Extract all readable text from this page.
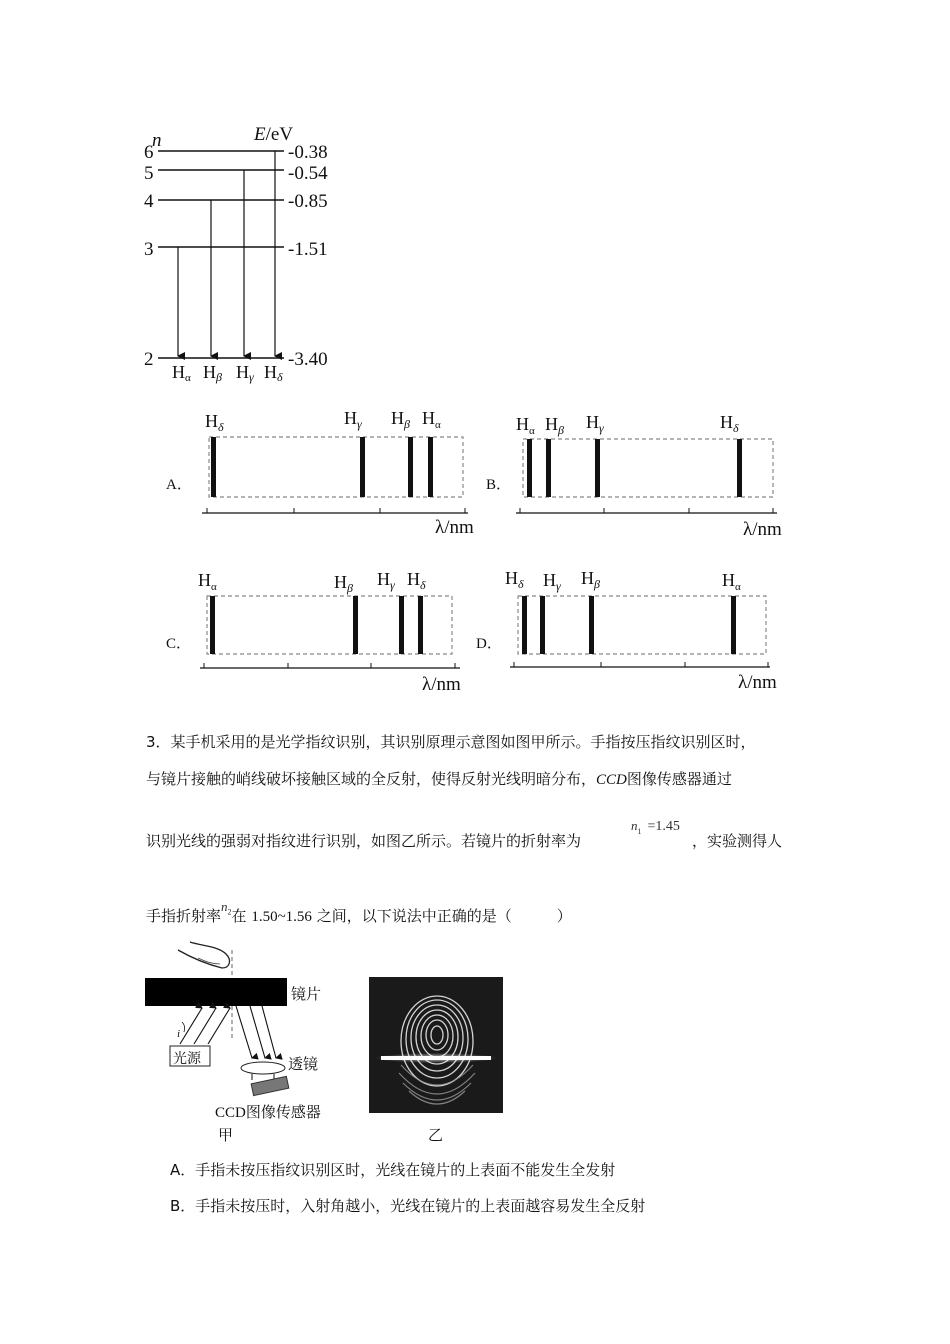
n	E/eV
6	-0.38
5	-0.54
4	-0.85
3	-1.51
2	-3.40
Hα Hβ Hγ Hδ
A．
$H_\delta$	$H_\gamma$ $H_\beta$ $H_\alpha$
λ/nm
B．
$H_\alpha$ $H_\beta$ $H_\gamma$	$H_\delta$
λ/nm
C．
$H_\alpha$	$H_\beta$ $H_\gamma$ $H_\delta$
λ/nm
D．
$H_\delta$ $H_\gamma$ $H_\beta$	$H_\alpha$
λ/nm
3．某手机采用的是光学指纹识别，其识别原理示意图如图甲所示。手指按压指纹识别区时，
与镜片接触的峭线破坏接触区域的全反射，使得反射光线明暗分布，CCD图像传感器通过
识别光线的强弱对指纹进行识别，如图乙所示。若镜片的折射率为
$n_1 =1.45$
，实验测得人
手指折射率$n_2$在 1.50~1.56 之间，以下说法中正确的是（　　　）
i
镜片
光源	透镜
CCD图像传感器
甲	乙
A．手指未按压指纹识别区时，光线在镜片的上表面不能发生全发射
B．手指未按压时，入射角越小，光线在镜片的上表面越容易发生全反射
